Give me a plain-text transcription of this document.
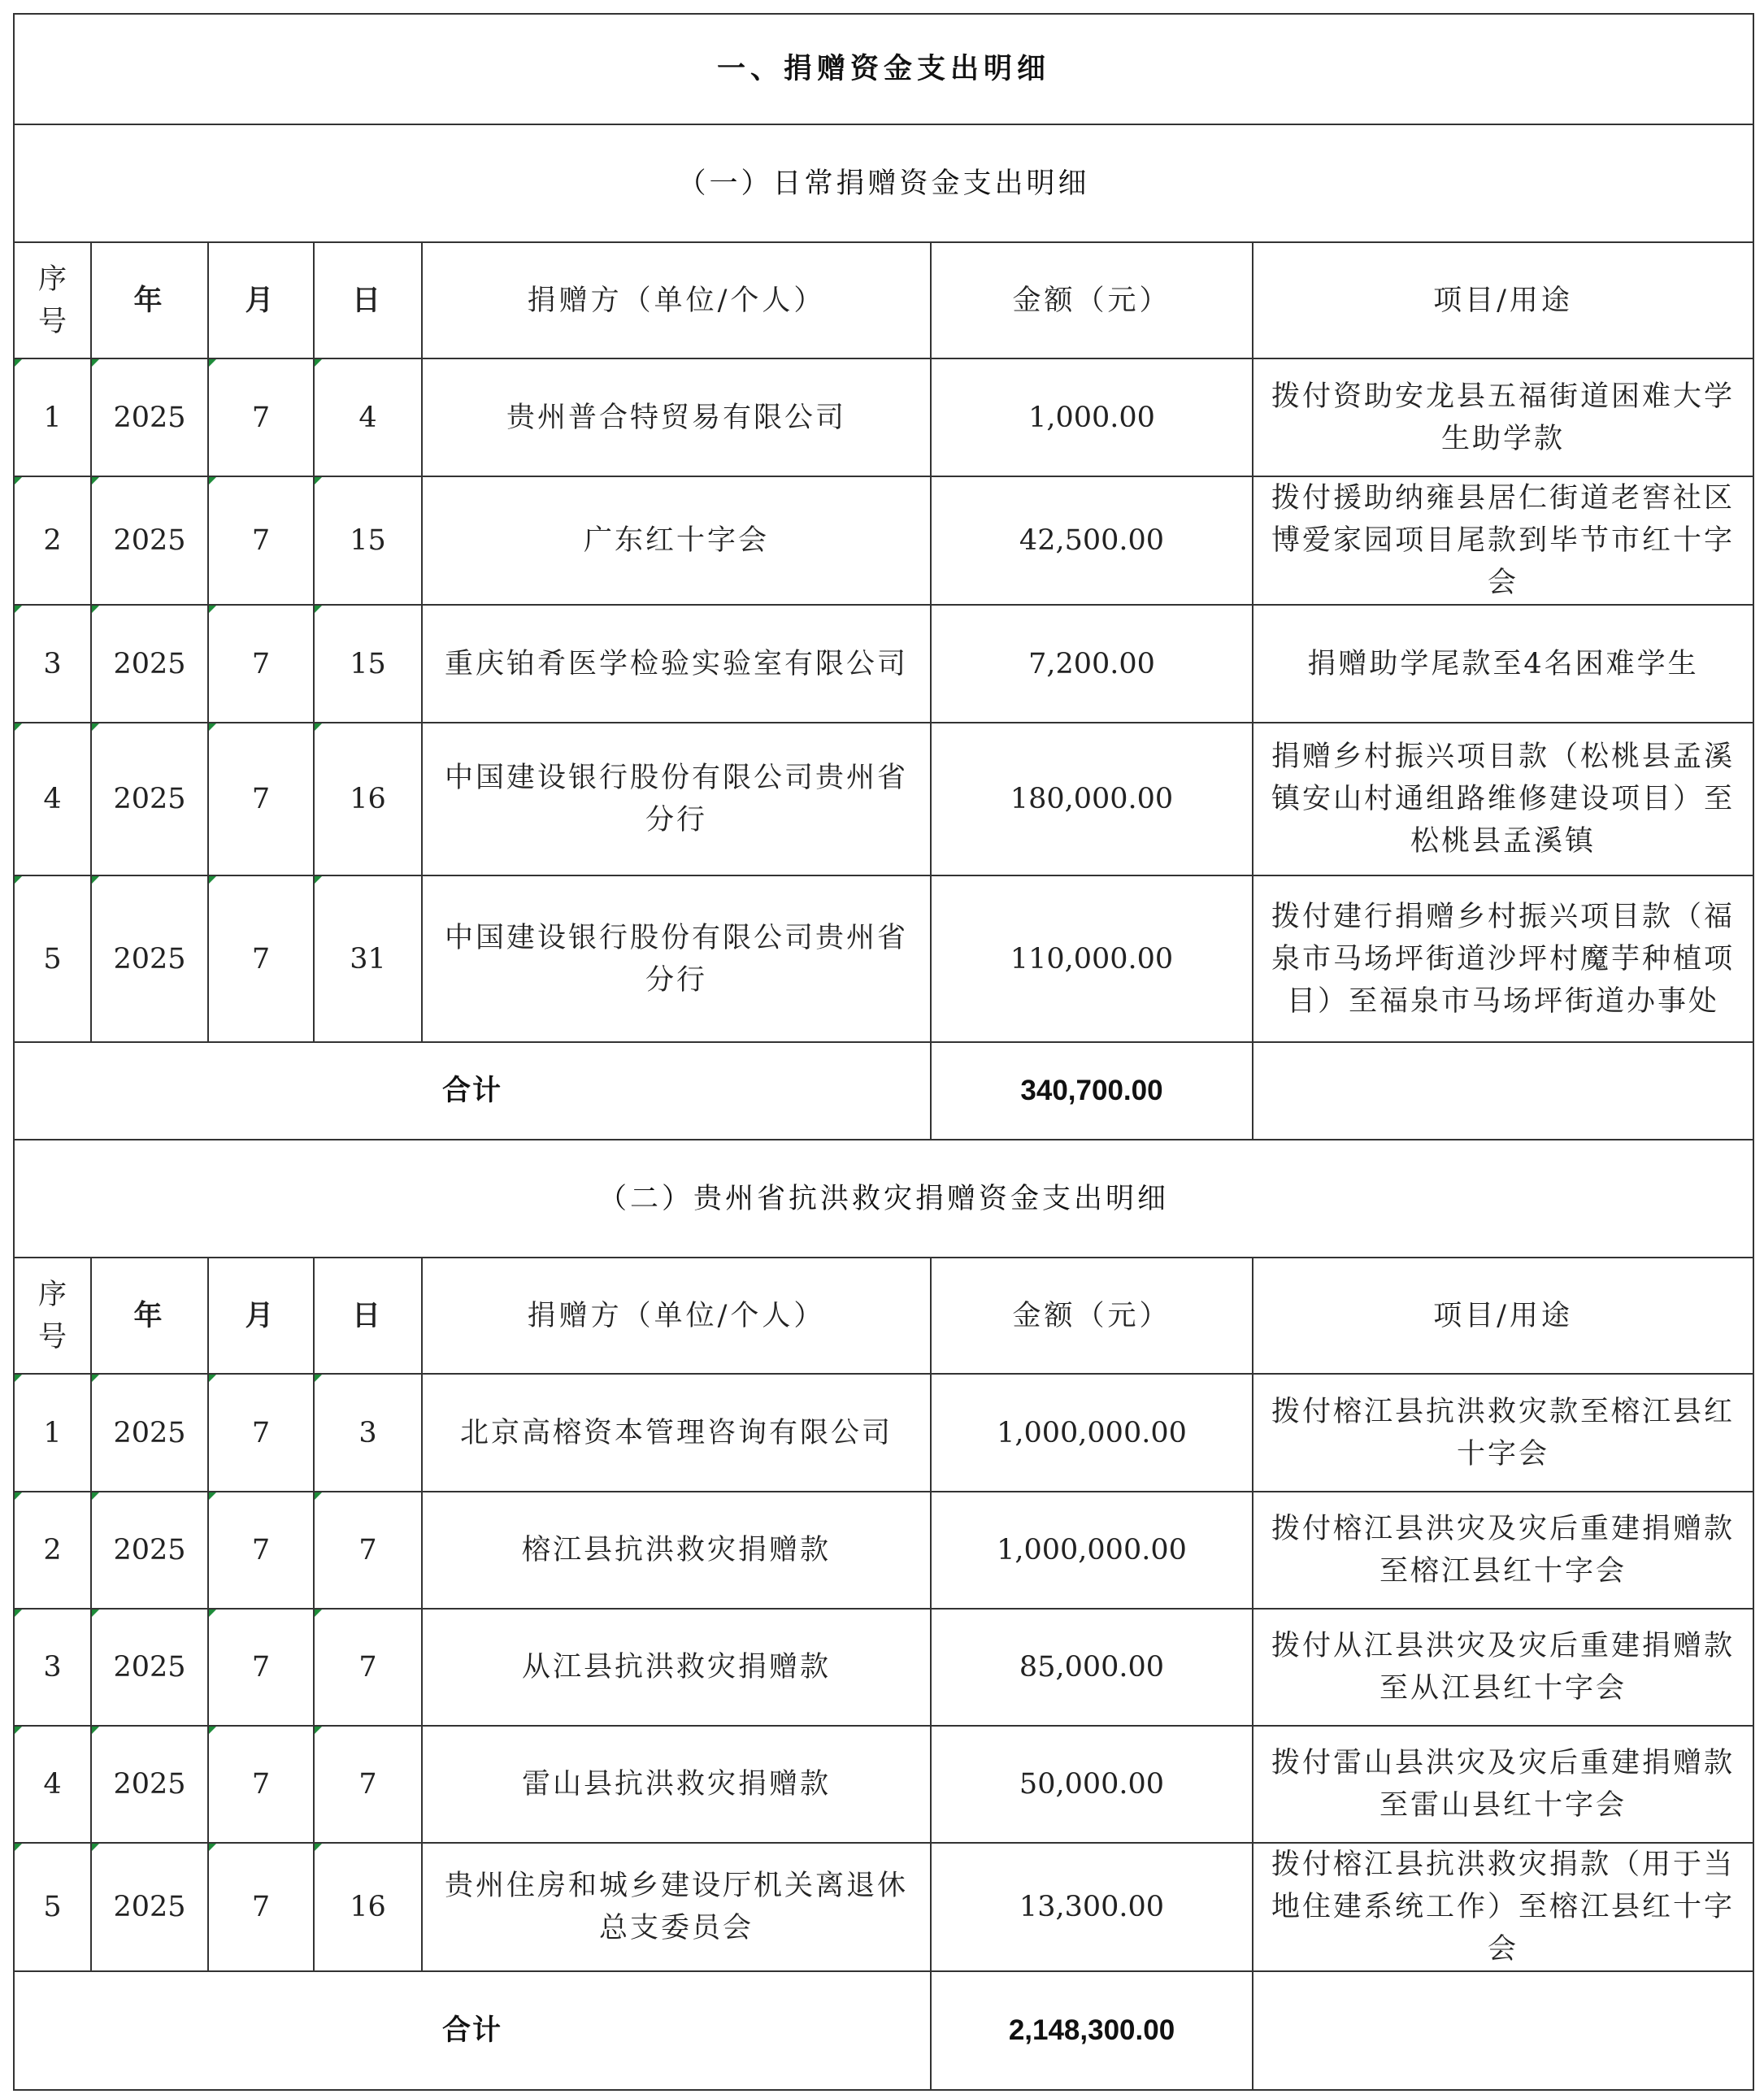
一、捐赠资金支出明细						
（一）日常捐赠资金支出明细						
序号	年	月	日	捐赠方（单位/个人）	金额（元）	项目/用途
1	2025	7	4	贵州普合特贸易有限公司	1,000.00	拨付资助安龙县五福街道困难大学生助学款
2	2025	7	15	广东红十字会	42,500.00	拨付援助纳雍县居仁街道老窖社区博爱家园项目尾款到毕节市红十字会
3	2025	7	15	重庆铂肴医学检验实验室有限公司	7,200.00	捐赠助学尾款至4名困难学生
4	2025	7	16	中国建设银行股份有限公司贵州省分行	180,000.00	捐赠乡村振兴项目款（松桃县孟溪镇安山村通组路维修建设项目）至松桃县孟溪镇
5	2025	7	31	中国建设银行股份有限公司贵州省分行	110,000.00	拨付建行捐赠乡村振兴项目款（福泉市马场坪街道沙坪村魔芋种植项目）至福泉市马场坪街道办事处
合计					340,700.00	
（二）贵州省抗洪救灾捐赠资金支出明细						
序号	年	月	日	捐赠方（单位/个人）	金额（元）	项目/用途
1	2025	7	3	北京高榕资本管理咨询有限公司	1,000,000.00	拨付榕江县抗洪救灾款至榕江县红十字会
2	2025	7	7	榕江县抗洪救灾捐赠款	1,000,000.00	拨付榕江县洪灾及灾后重建捐赠款至榕江县红十字会
3	2025	7	7	从江县抗洪救灾捐赠款	85,000.00	拨付从江县洪灾及灾后重建捐赠款至从江县红十字会
4	2025	7	7	雷山县抗洪救灾捐赠款	50,000.00	拨付雷山县洪灾及灾后重建捐赠款至雷山县红十字会
5	2025	7	16	贵州住房和城乡建设厅机关离退休总支委员会	13,300.00	拨付榕江县抗洪救灾捐款（用于当地住建系统工作）至榕江县红十字会
合计					2,148,300.00	
